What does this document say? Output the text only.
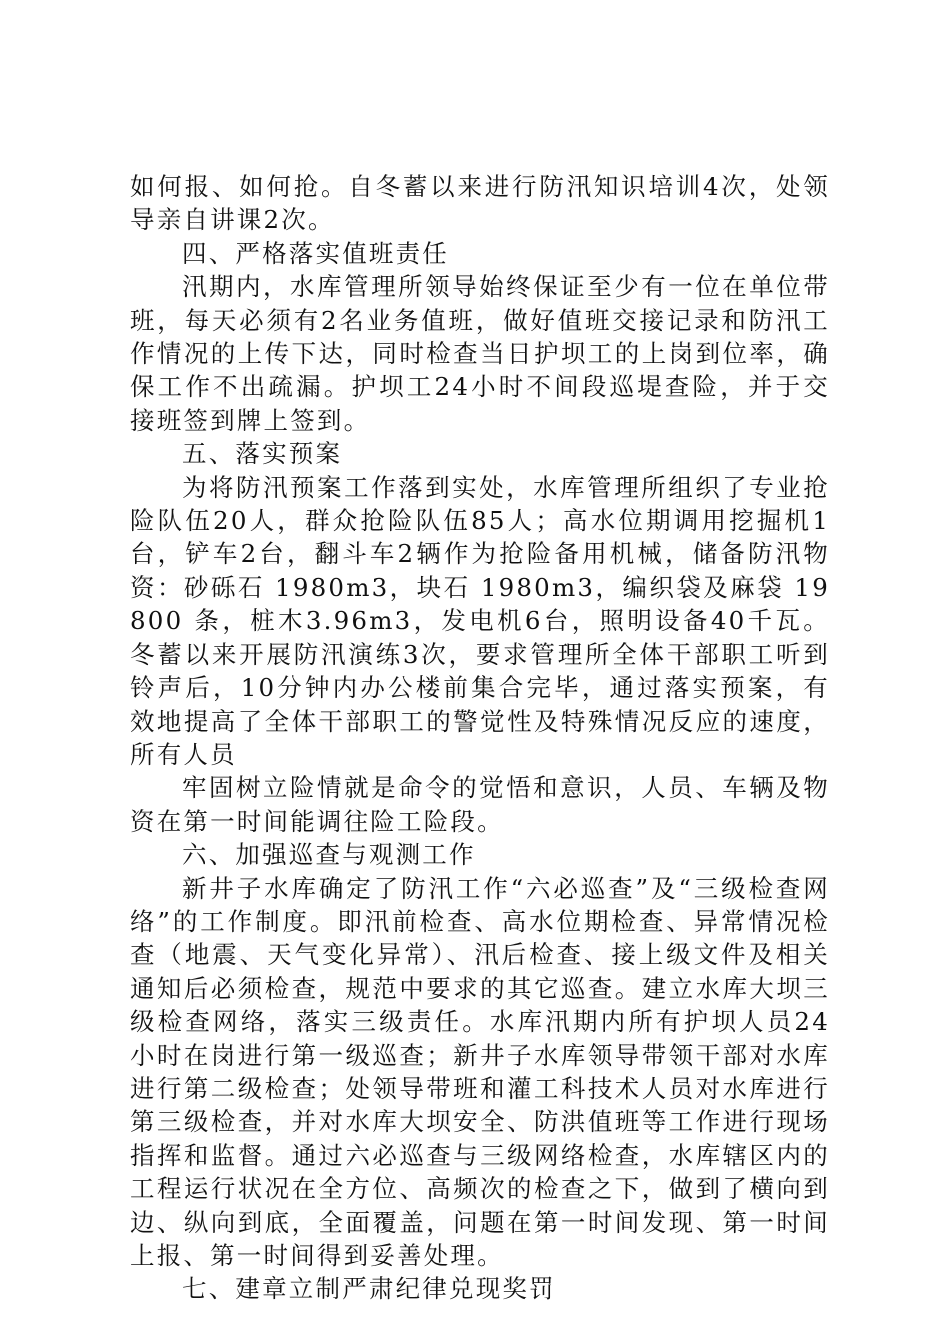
如何报、如何抢。自冬蓄以来进行防汛知识培训4次，处领导亲自讲课2次。

四、严格落实值班责任

汛期内，水库管理所领导始终保证至少有一位在单位带班，每天必须有2名业务值班，做好值班交接记录和防汛工作情况的上传下达，同时检查当日护坝工的上岗到位率，确保工作不出疏漏。护坝工24小时不间段巡堤查险，并于交接班签到牌上签到。

五、落实预案

为将防汛预案工作落到实处，水库管理所组织了专业抢险队伍20人，群众抢险队伍85人；高水位期调用挖掘机1台，铲车2台，翻斗车2辆作为抢险备用机械，储备防汛物资：砂砾石 1980m3，块石 1980m3，编织袋及麻袋 19800 条，桩木3.96m3，发电机6台，照明设备40千瓦。冬蓄以来开展防汛演练3次，要求管理所全体干部职工听到铃声后，10分钟内办公楼前集合完毕，通过落实预案，有效地提高了全体干部职工的警觉性及特殊情况反应的速度，所有人员

牢固树立险情就是命令的觉悟和意识，人员、车辆及物资在第一时间能调往险工险段。

六、加强巡查与观测工作

新井子水库确定了防汛工作“六必巡查”及“三级检查网络”的工作制度。即汛前检查、高水位期检查、异常情况检查（地震、天气变化异常）、汛后检查、接上级文件及相关通知后必须检查，规范中要求的其它巡查。建立水库大坝三级检查网络，落实三级责任。水库汛期内所有护坝人员24小时在岗进行第一级巡查；新井子水库领导带领干部对水库进行第二级检查；处领导带班和灌工科技术人员对水库进行第三级检查，并对水库大坝安全、防洪值班等工作进行现场指挥和监督。通过六必巡查与三级网络检查，水库辖区内的工程运行状况在全方位、高频次的检查之下，做到了横向到边、纵向到底，全面覆盖，问题在第一时间发现、第一时间上报、第一时间得到妥善处理。

七、建章立制严肃纪律兑现奖罚
